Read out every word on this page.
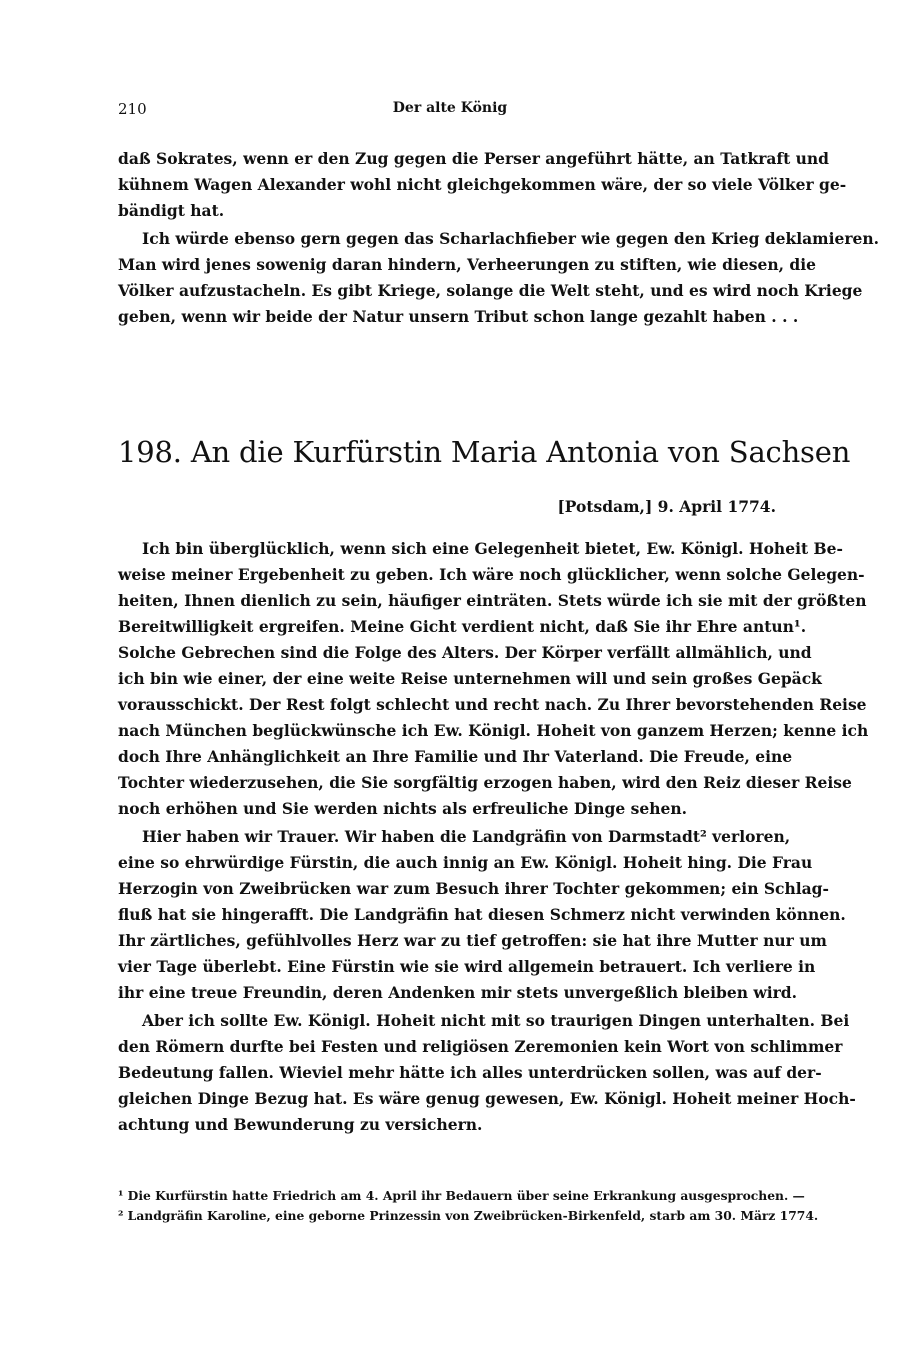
210	Der alte König
daß Sokrates, wenn er den Zug gegen die Perser angeführt hätte, an Tatkraft und
kühnem Wagen Alexander wohl nicht gleichgekommen wäre, der so viele Völker ge-
bändigt hat.
Ich würde ebenso gern gegen das Scharlachfieber wie gegen den Krieg deklamieren.
Man wird jenes sowenig daran hindern, Verheerungen zu stiften, wie diesen, die
Völker aufzustacheln. Es gibt Kriege, solange die Welt steht, und es wird noch Kriege
geben, wenn wir beide der Natur unsern Tribut schon lange gezahlt haben . . .
198. An die Kurfürstin Maria Antonia von Sachsen
[Potsdam,] 9. April 1774.
Ich bin überglücklich, wenn sich eine Gelegenheit bietet, Ew. Königl. Hoheit Be-
weise meiner Ergebenheit zu geben. Ich wäre noch glücklicher, wenn solche Gelegen-
heiten, Ihnen dienlich zu sein, häufiger einträten. Stets würde ich sie mit der größten
Bereitwilligkeit ergreifen. Meine Gicht verdient nicht, daß Sie ihr Ehre antun¹.
Solche Gebrechen sind die Folge des Alters. Der Körper verfällt allmählich, und
ich bin wie einer, der eine weite Reise unternehmen will und sein großes Gepäck
vorausschickt. Der Rest folgt schlecht und recht nach. Zu Ihrer bevorstehenden Reise
nach München beglückwünsche ich Ew. Königl. Hoheit von ganzem Herzen; kenne ich
doch Ihre Anhänglichkeit an Ihre Familie und Ihr Vaterland. Die Freude, eine
Tochter wiederzusehen, die Sie sorgfältig erzogen haben, wird den Reiz dieser Reise
noch erhöhen und Sie werden nichts als erfreuliche Dinge sehen.
Hier haben wir Trauer. Wir haben die Landgräfin von Darmstadt² verloren,
eine so ehrwürdige Fürstin, die auch innig an Ew. Königl. Hoheit hing. Die Frau
Herzogin von Zweibrücken war zum Besuch ihrer Tochter gekommen; ein Schlag-
fluß hat sie hingerafft. Die Landgräfin hat diesen Schmerz nicht verwinden können.
Ihr zärtliches, gefühlvolles Herz war zu tief getroffen: sie hat ihre Mutter nur um
vier Tage überlebt. Eine Fürstin wie sie wird allgemein betrauert. Ich verliere in
ihr eine treue Freundin, deren Andenken mir stets unvergeßlich bleiben wird.
Aber ich sollte Ew. Königl. Hoheit nicht mit so traurigen Dingen unterhalten. Bei
den Römern durfte bei Festen und religiösen Zeremonien kein Wort von schlimmer
Bedeutung fallen. Wieviel mehr hätte ich alles unterdrücken sollen, was auf der-
gleichen Dinge Bezug hat. Es wäre genug gewesen, Ew. Königl. Hoheit meiner Hoch-
achtung und Bewunderung zu versichern.
¹ Die Kurfürstin hatte Friedrich am 4. April ihr Bedauern über seine Erkrankung ausgesprochen. —
² Landgräfin Karoline, eine geborne Prinzessin von Zweibrücken-Birkenfeld, starb am 30. März 1774.
